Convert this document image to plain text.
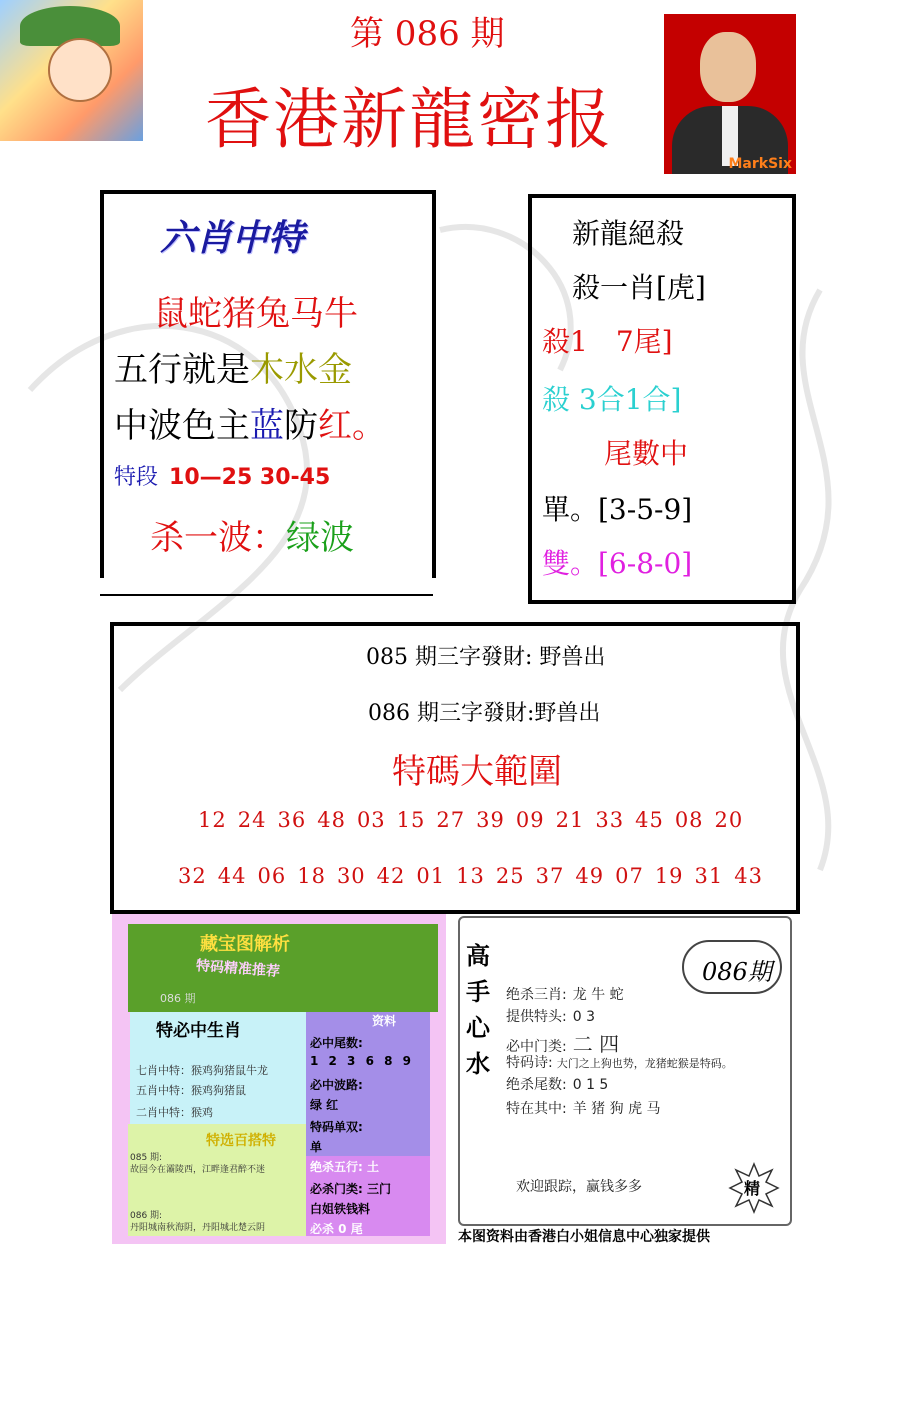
MarkSix
第 086 期
香港新龍密报
六肖中特
鼠蛇猪兔马牛
五行就是木水金
中波色主蓝防红。
特段 10—25 30-45
杀一波：绿波
新龍絕殺
殺一肖[虎]
殺1　7尾]
殺 3合1合]
尾數中
單。[3-5-9]
雙。[6-8-0]
085 期三字發財: 野兽出
086 期三字發財:野兽出
特碼大範圍
12 24 36 48 03 15 27 39 09 21 33 45 08 20
32 44 06 18 30 42 01 13 25 37 49 07 19 31 43
藏宝图解析
特码精准推荐
086 期
特必中生肖
七肖中特：猴鸡狗猪鼠牛龙
五肖中特：猴鸡狗猪鼠
二肖中特：猴鸡
特选百搭特
085 期:
故园今在灞陵西，江畔逢君醉不迷
086 期:
丹阳城南秋海阴，丹阳城北楚云阴
资料
必中尾数:
1 2 3 6 8 9
必中波路:
绿 红
特码单双:
单
绝杀五行: 土
必杀门类: 三门
白姐铁钱料
必杀 0 尾
高
手
心
水
086期
绝杀三肖: 龙 牛 蛇
提供特头: 0 3
必中门类: 二 四
特码诗: 大门之上狗也势，龙猪蛇猴是特码。
绝杀尾数: 0 1 5
特在其中: 羊 猪 狗 虎 马
欢迎跟踪，赢钱多多	精
本图资料由香港白小姐信息中心独家提供
